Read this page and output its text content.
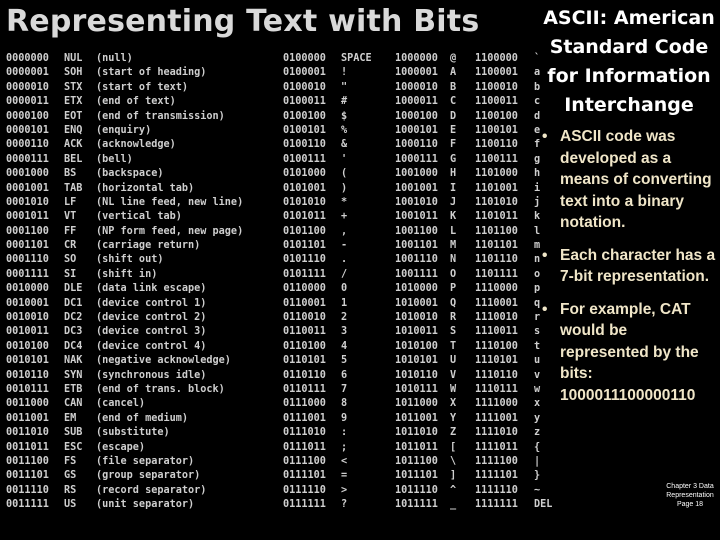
Representing Text with Bits
0000000 NUL (null)	0100000 SPACE 1000000 @ 1100000 `
0000001 SOH (start of heading)	0100001 !	1000001 A 1100001 a
0000010 STX (start of text)	0100010 "	1000010 B 1100010 b
0000011 ETX (end of text)	0100011 #	1000011 C 1100011 c
0000100 EOT (end of transmission)	0100100 $	1000100 D 1100100 d
0000101 ENQ (enquiry)	0100101 %	1000101 E 1100101 e
0000110 ACK (acknowledge)	0100110 &	1000110 F 1100110 f
0000111 BEL (bell)	0100111 '	1000111 G 1100111 g
0001000 BS (backspace)	0101000 (	1001000 H 1101000 h
0001001 TAB (horizontal tab)	0101001 )	1001001 I 1101001 i
0001010 LF (NL line feed, new line)	0101010 *	1001010 J 1101010 j
0001011 VT (vertical tab)	0101011 +	1001011 K 1101011 k
0001100 FF (NP form feed, new page)	0101100 ,	1001100 L 1101100 l
0001101 CR (carriage return)	0101101 -	1001101 M 1101101 m
0001110 SO (shift out)	0101110 .	1001110 N 1101110 n
0001111 SI (shift in)	0101111 /	1001111 O 1101111 o
0010000 DLE (data link escape)	0110000 0	1010000 P 1110000 p
0010001 DC1 (device control 1)	0110001 1	1010001 Q 1110001 q
0010010 DC2 (device control 2)	0110010 2	1010010 R 1110010 r
0010011 DC3 (device control 3)	0110011 3	1010011 S 1110011 s
0010100 DC4 (device control 4)	0110100 4	1010100 T 1110100 t
0010101 NAK (negative acknowledge)	0110101 5	1010101 U 1110101 u
0010110 SYN (synchronous idle)	0110110 6	1010110 V 1110110 v
0010111 ETB (end of trans. block)	0110111 7	1010111 W 1110111 w
0011000 CAN (cancel)	0111000 8	1011000 X 1111000 x
0011001 EM (end of medium)	0111001 9	1011001 Y 1111001 y
0011010 SUB (substitute)	0111010 :	1011010 Z 1111010 z
0011011 ESC (escape)	0111011 ;	1011011 [ 1111011 {
0011100 FS (file separator)	0111100 <	1011100 \ 1111100 |
0011101 GS (group separator)	0111101 =	1011101 ] 1111101 }
0011110 RS (record separator)	0111110 >	1011110 ^ 1111110 ~
0011111 US (unit separator)	0111111 ?	1011111 _ 1111111 DEL
ASCII: American Standard Code for Information Interchange
• ASCII code was developed as a means of converting text into a binary notation.
• Each character has a 7-bit representation.
• For example, CAT would be represented by the bits:
1000011100000110
Chapter 3 Data Representation Page 18
